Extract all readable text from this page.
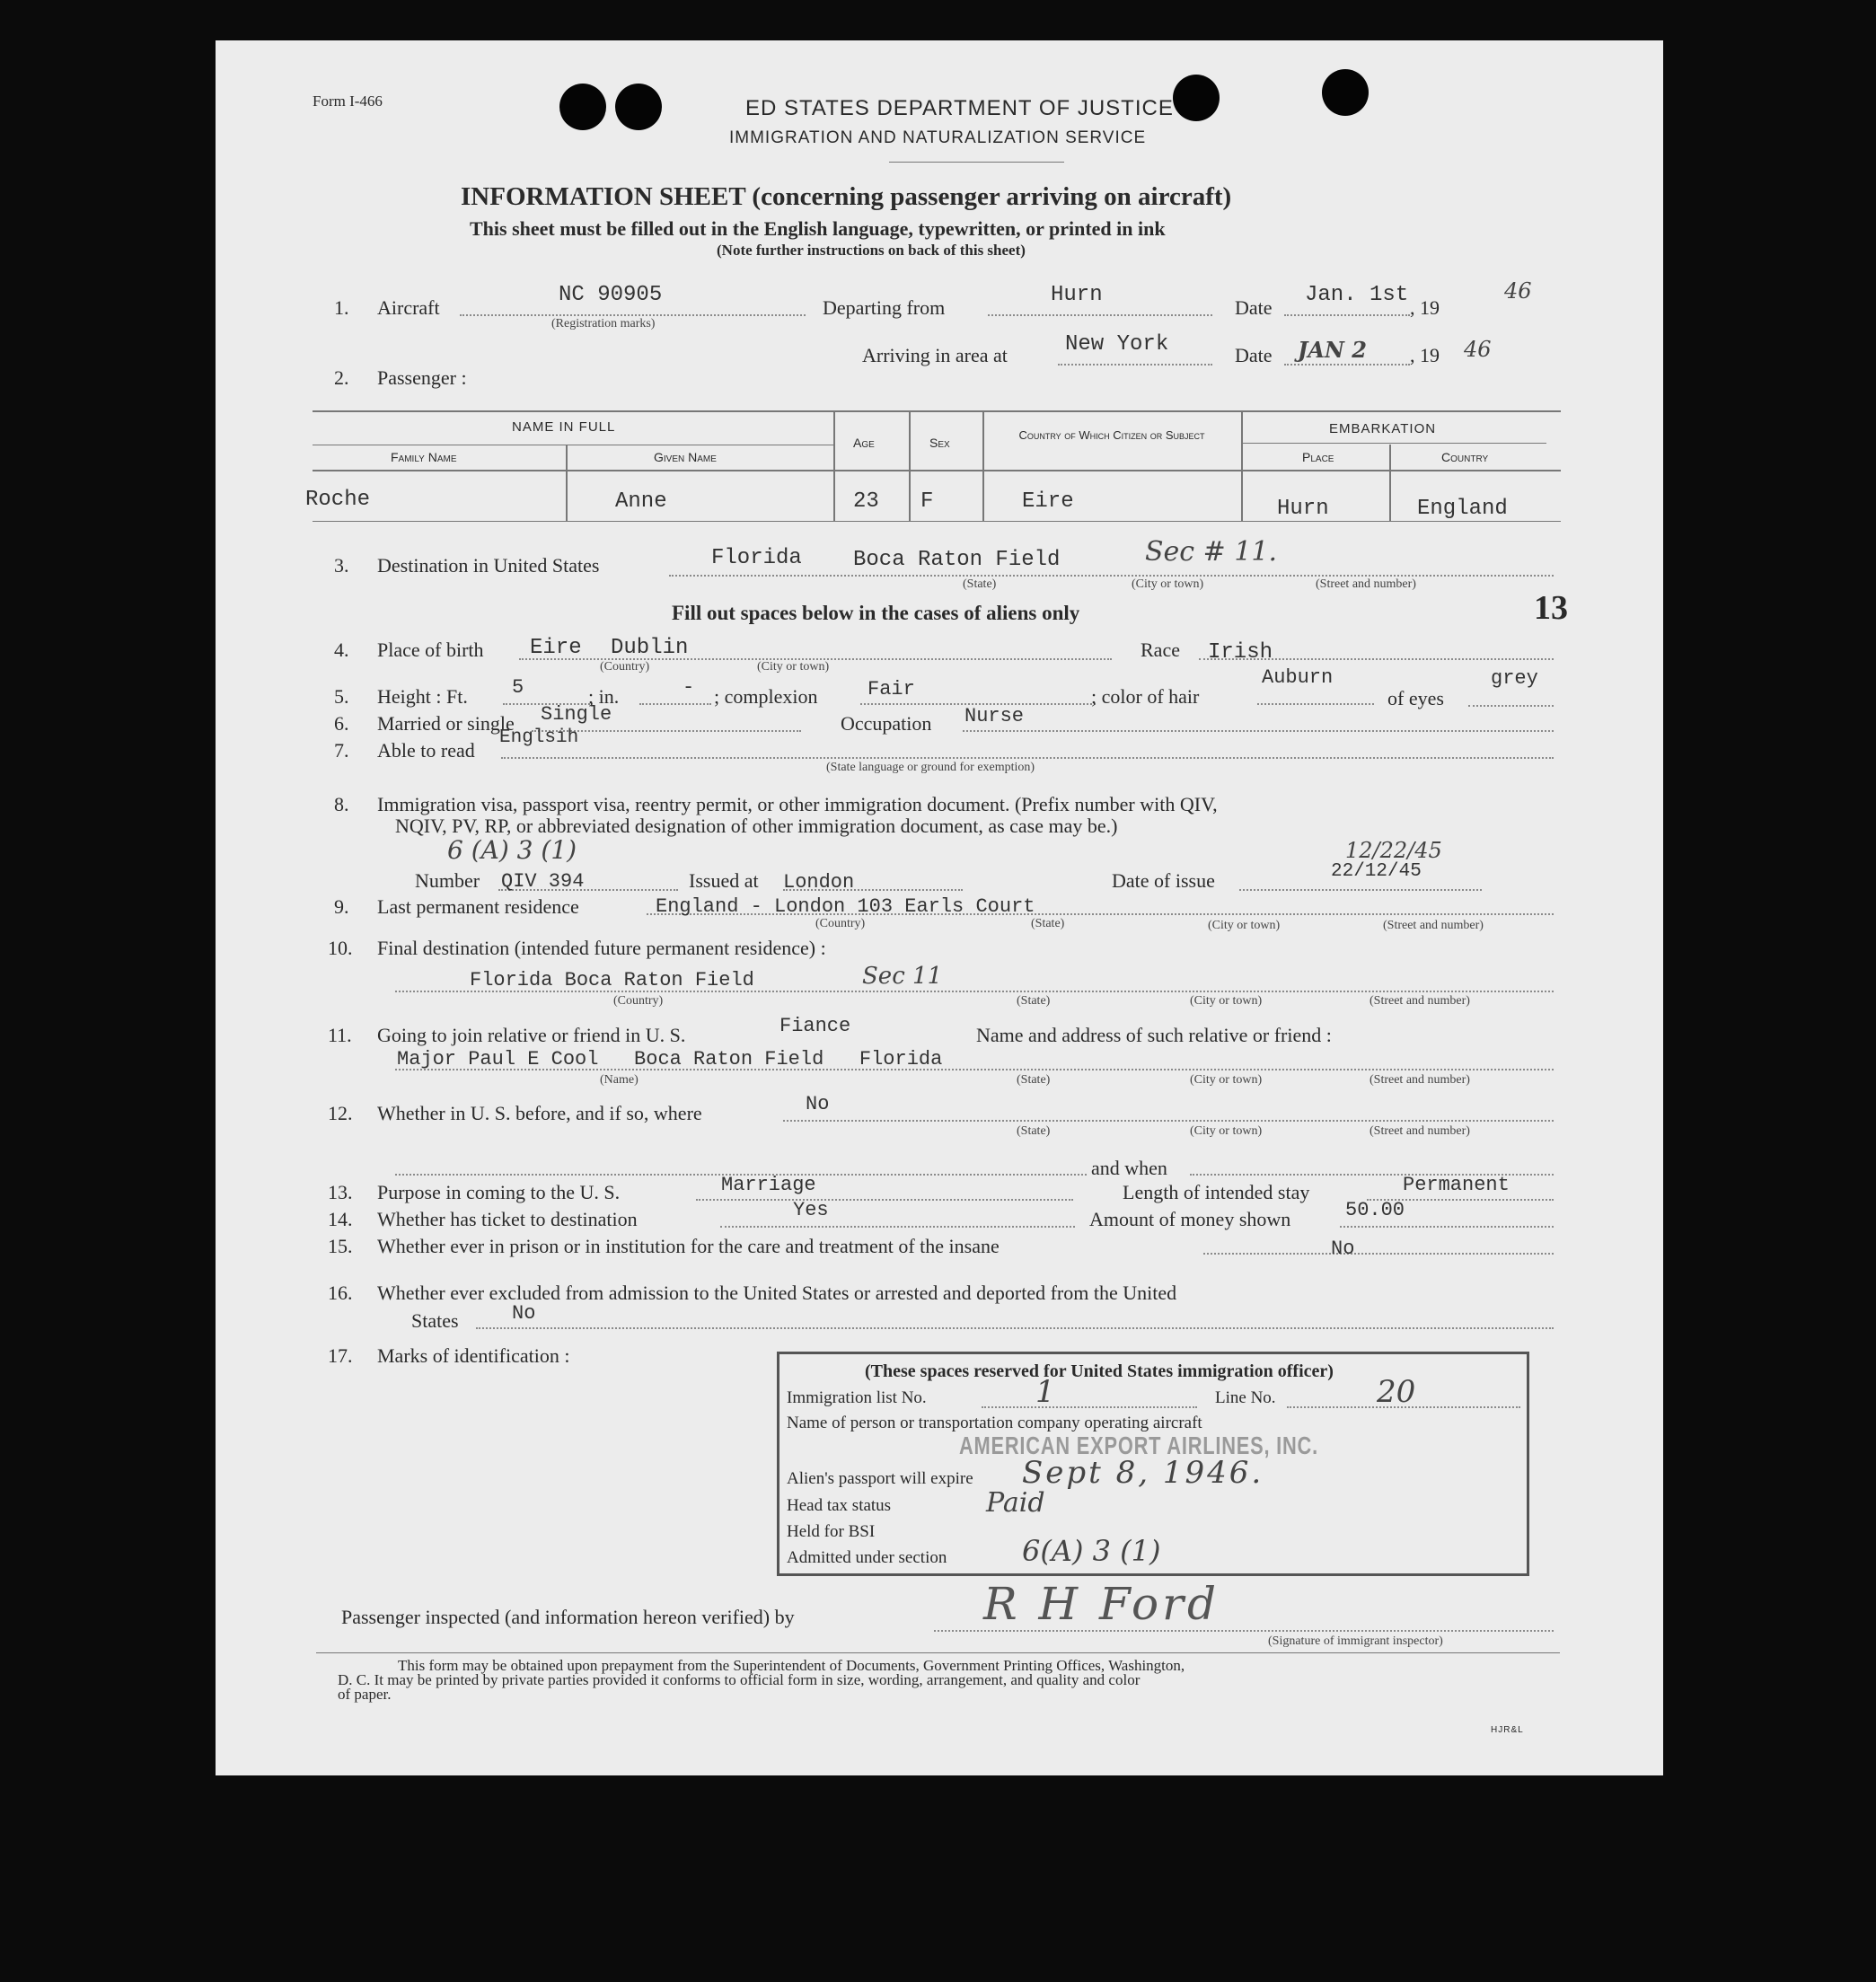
Form I-466	ED STATES DEPARTMENT OF JUSTICE
IMMIGRATION AND NATURALIZATION SERVICE
INFORMATION SHEET (concerning passenger arriving on aircraft)
This sheet must be filled out in the English language, typewritten, or printed in ink
(Note further instructions on back of this sheet)
1. Aircraft
NC 90905
(Registration marks)
Departing from
Hurn
Date
Jan. 1st
, 19
46
Arriving in area at	New York	Date JAN 2 , 19 46
2. Passenger :
NAME IN FULL
Family Name	Given Name
Age	Sex
Country of Which Citizen or Subject	EMBARKATION
Place	Country
Roche	Anne	23 F	Eire	Hurn	England
3. Destination in United States	Florida Boca Raton Field	Sec # 11.
(State)	(City or town)	(Street and number)
13
Fill out spaces below in the cases of aliens only
4. Place of birth Eire Dublin
(Country)	(City or town)
Race Irish
5. Height : Ft. 5	; in.	- ; complexion	Fair	; color of hair
Auburn
of eyes
grey
6. Married or single Single	Occupation Nurse
7. Able to read
Englsih
(State language or ground for exemption)
8. Immigration visa, passport visa, reentry permit, or other immigration document. (Prefix number with QIV,
NQIV, PV, RP, or abbreviated designation of other immigration document, as case may be.)
6 (A) 3 (1)
Number QIV 394	Issued at London	Date of issue
12/22/45
22/12/45
9. Last permanent residence	England - London 103 Earls Court
(Country)	(State)	(City or town)	(Street and number)
10. Final destination (intended future permanent residence) :
Florida Boca Raton Field	Sec 11
(Country)	(State)	(City or town)	(Street and number)
11. Going to join relative or friend in U. S.	Fiance	Name and address of such relative or friend :
Major Paul E Cool   Boca Raton Field   Florida
(Name)	(State)	(City or town)	(Street and number)
12. Whether in U. S. before, and if so, where	No
(State)	(City or town)	(Street and number)
and when
13. Purpose in coming to the U. S.	Marriage	Length of intended stay	Permanent
14. Whether has ticket to destination	Yes	Amount of money shown	50.00
15. Whether ever in prison or in institution for the care and treatment of the insane	No
16. Whether ever excluded from admission to the United States or arrested and deported from the United
States	No
17. Marks of identification :
(These spaces reserved for United States immigration officer)
Immigration list No.	1	Line No.	20
Name of person or transportation company operating aircraft
AMERICAN EXPORT AIRLINES, INC.
Alien's passport will expire Sept 8, 1946.
Head tax status	Paid
Held for BSI
Admitted under section	6(A) 3 (1)
Passenger inspected (and information hereon verified) by	R H Ford
(Signature of immigrant inspector)
This form may be obtained upon prepayment from the Superintendent of Documents, Government Printing Offices, Washington,
D. C. It may be printed by private parties provided it conforms to official form in size, wording, arrangement, and quality and color
of paper.
HJR&L
